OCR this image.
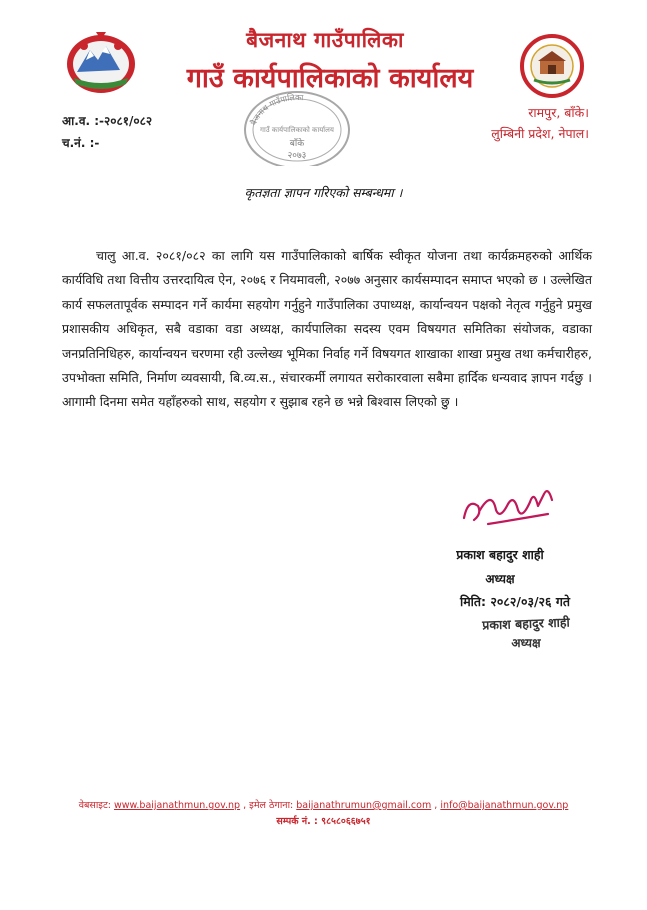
बैजनाथ गाउँपालिका
गाउँ कार्यपालिकाको कार्यालय
आ.व. :-२०८१/०८२
च.नं. :-
रामपुर, बाँके।
लुम्बिनी प्रदेश, नेपाल।
बैजनाथ गाउँपालिका
गाउँ कार्यपालिकाको कार्यालय
बाँके
२०७३
कृतज्ञता ज्ञापन गरिएको सम्बन्धमा ।
चालु आ.व. २०८१/०८२ का लागि यस गाउँपालिकाको बार्षिक स्वीकृत योजना तथा कार्यक्रमहरुको आर्थिक कार्यविधि तथा वित्तीय उत्तरदायित्व ऐन, २०७६ र नियमावली, २०७७ अनुसार कार्यसम्पादन समाप्त भएको छ । उल्लेखित कार्य सफलतापूर्वक सम्पादन गर्ने कार्यमा सहयोग गर्नुहुने गाउँपालिका उपाध्यक्ष, कार्यान्वयन पक्षको नेतृत्व गर्नुहुने प्रमुख प्रशासकीय अधिकृत, सबै वडाका वडा अध्यक्ष, कार्यपालिका सदस्य एवम विषयगत समितिका संयोजक, वडाका जनप्रतिनिधिहरु, कार्यान्वयन चरणमा रही उल्लेख्य भूमिका निर्वाह गर्ने विषयगत शाखाका शाखा प्रमुख तथा कर्मचारीहरु, उपभोक्ता समिति, निर्माण व्यवसायी, बि.व्य.स., संचारकर्मी लगायत सरोकारवाला सबैमा हार्दिक धन्यवाद ज्ञापन गर्दछु । आगामी दिनमा समेत यहाँहरुको साथ, सहयोग र सुझाब रहने छ भन्ने बिश्वास लिएको छु ।
प्रकाश बहादुर शाही
अध्यक्ष
मिति: २०८२/०३/२६ गते
प्रकाश बहादुर शाही
अध्यक्ष
वेबसाइट: www.baijanathmun.gov.np , इमेल ठेगाना: baijanathrumun@gmail.com , info@baijanathmun.gov.np
सम्पर्क नं. : ९८५८०६६७५१
